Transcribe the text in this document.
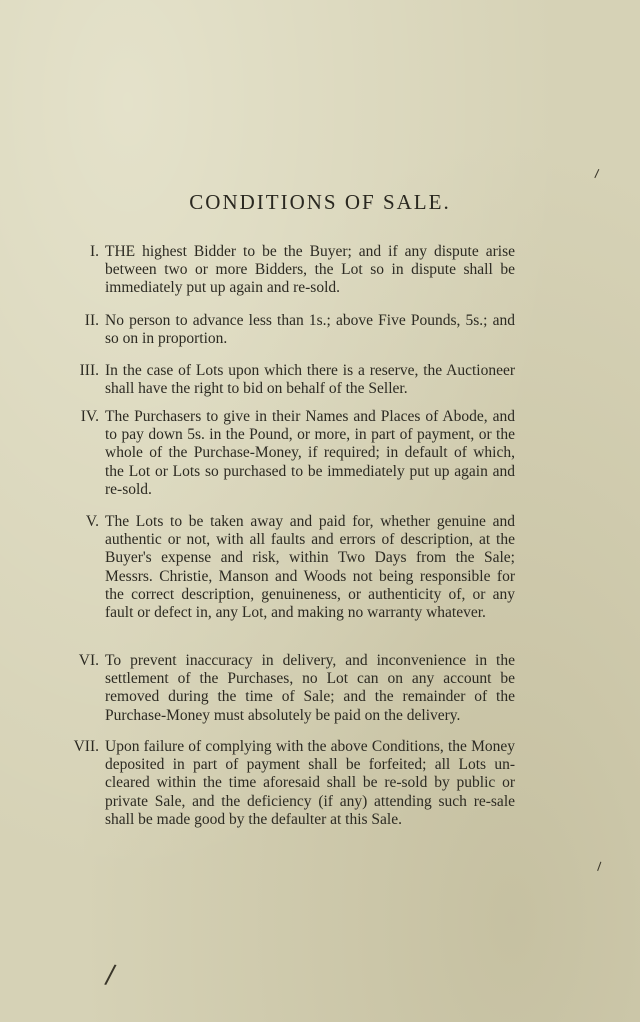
CONDITIONS OF SALE.
I. THE highest Bidder to be the Buyer; and if any dispute arise between two or more Bidders, the Lot so in dispute shall be immediately put up again and re-sold.
II. No person to advance less than 1s.; above Five Pounds, 5s.; and so on in proportion.
III. In the case of Lots upon which there is a reserve, the Auctioneer shall have the right to bid on behalf of the Seller.
IV. The Purchasers to give in their Names and Places of Abode, and to pay down 5s. in the Pound, or more, in part of payment, or the whole of the Purchase-Money, if required; in default of which, the Lot or Lots so purchased to be immediately put up again and re-sold.
V. The Lots to be taken away and paid for, whether genuine and authentic or not, with all faults and errors of description, at the Buyer's expense and risk, within Two Days from the Sale; Messrs. Christie, Manson and Woods not being responsible for the correct description, genuineness, or authenticity of, or any fault or defect in, any Lot, and making no warranty whatever.
VI. To prevent inaccuracy in delivery, and inconvenience in the settlement of the Purchases, no Lot can on any account be removed during the time of Sale; and the remainder of the Purchase-Money must absolutely be paid on the delivery.
VII. Upon failure of complying with the above Conditions, the Money deposited in part of payment shall be forfeited; all Lots un-cleared within the time aforesaid shall be re-sold by public or private Sale, and the deficiency (if any) attending such re-sale shall be made good by the defaulter at this Sale.
⸝
⸝
/
